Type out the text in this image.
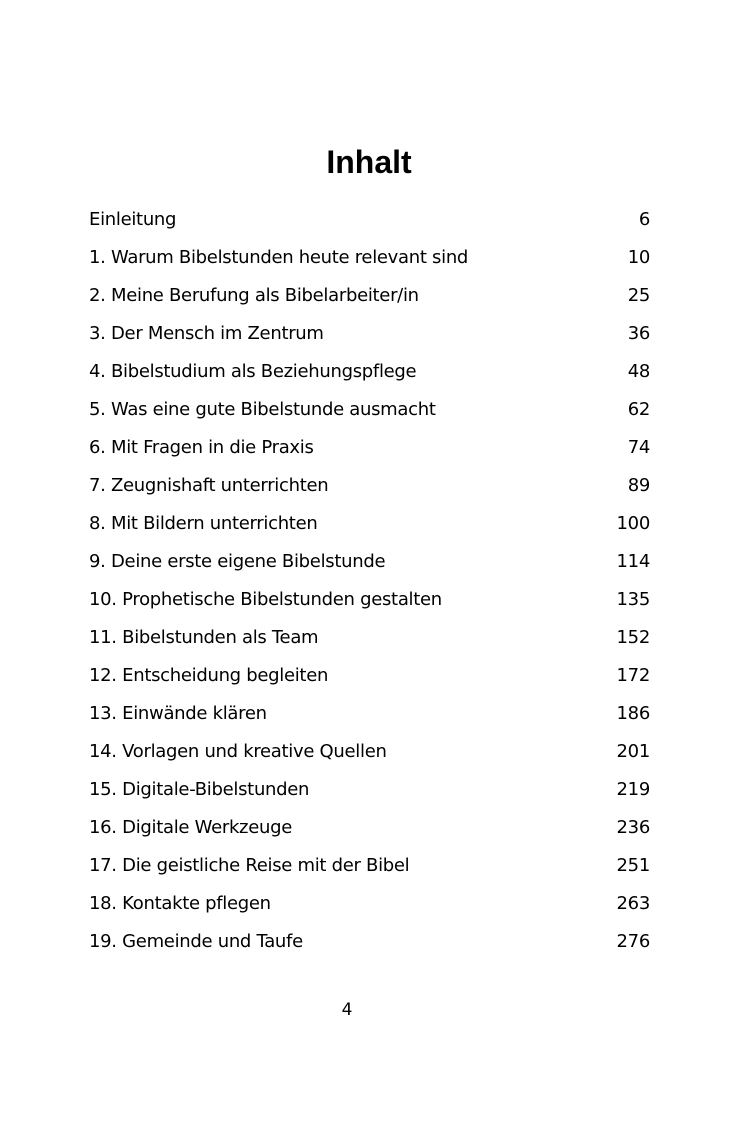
Inhalt
Einleitung	6
1. Warum Bibelstunden heute relevant sind	10
2. Meine Berufung als Bibelarbeiter/in	25
3. Der Mensch im Zentrum	36
4. Bibelstudium als Beziehungspflege	48
5. Was eine gute Bibelstunde ausmacht	62
6. Mit Fragen in die Praxis	74
7. Zeugnishaft unterrichten	89
8. Mit Bildern unterrichten	100
9. Deine erste eigene Bibelstunde	114
10. Prophetische Bibelstunden gestalten	135
11. Bibelstunden als Team	152
12. Entscheidung begleiten	172
13. Einwände klären	186
14. Vorlagen und kreative Quellen	201
15. Digitale-Bibelstunden	219
16. Digitale Werkzeuge	236
17. Die geistliche Reise mit der Bibel	251
18. Kontakte pflegen	263
19. Gemeinde und Taufe	276
4
